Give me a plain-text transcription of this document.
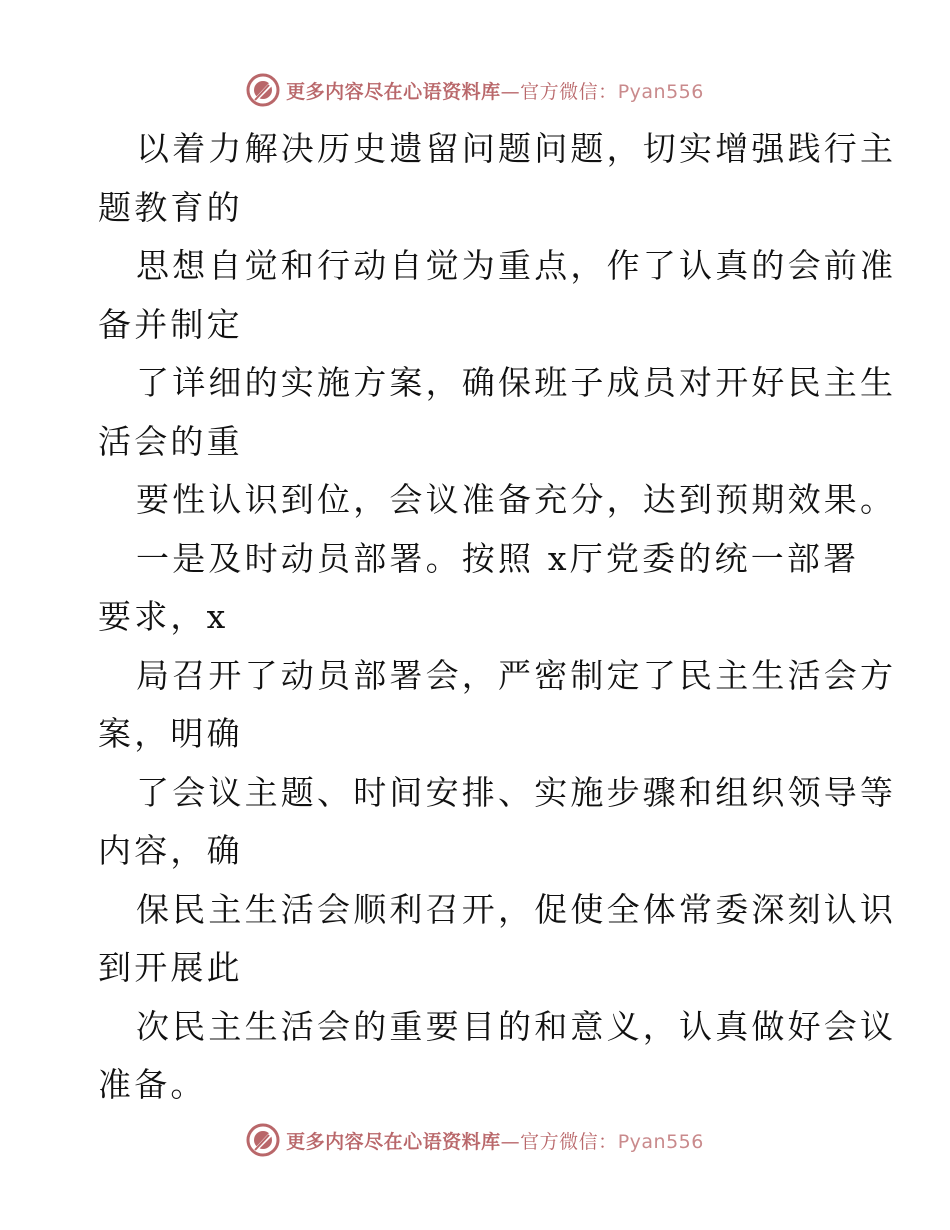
更多内容尽在心语资料库—官方微信：Pyan556
以着力解决历史遗留问题问题，切实增强践行主
题教育的
思想自觉和行动自觉为重点，作了认真的会前准
备并制定
了详细的实施方案，确保班子成员对开好民主生
活会的重
要性认识到位，会议准备充分，达到预期效果。
一是及时动员部署。按照 x厅党委的统一部署
要求，x
局召开了动员部署会，严密制定了民主生活会方
案，明确
了会议主题、时间安排、实施步骤和组织领导等
内容，确
保民主生活会顺利召开，促使全体常委深刻认识
到开展此
次民主生活会的重要目的和意义，认真做好会议
准备。
更多内容尽在心语资料库—官方微信：Pyan556
